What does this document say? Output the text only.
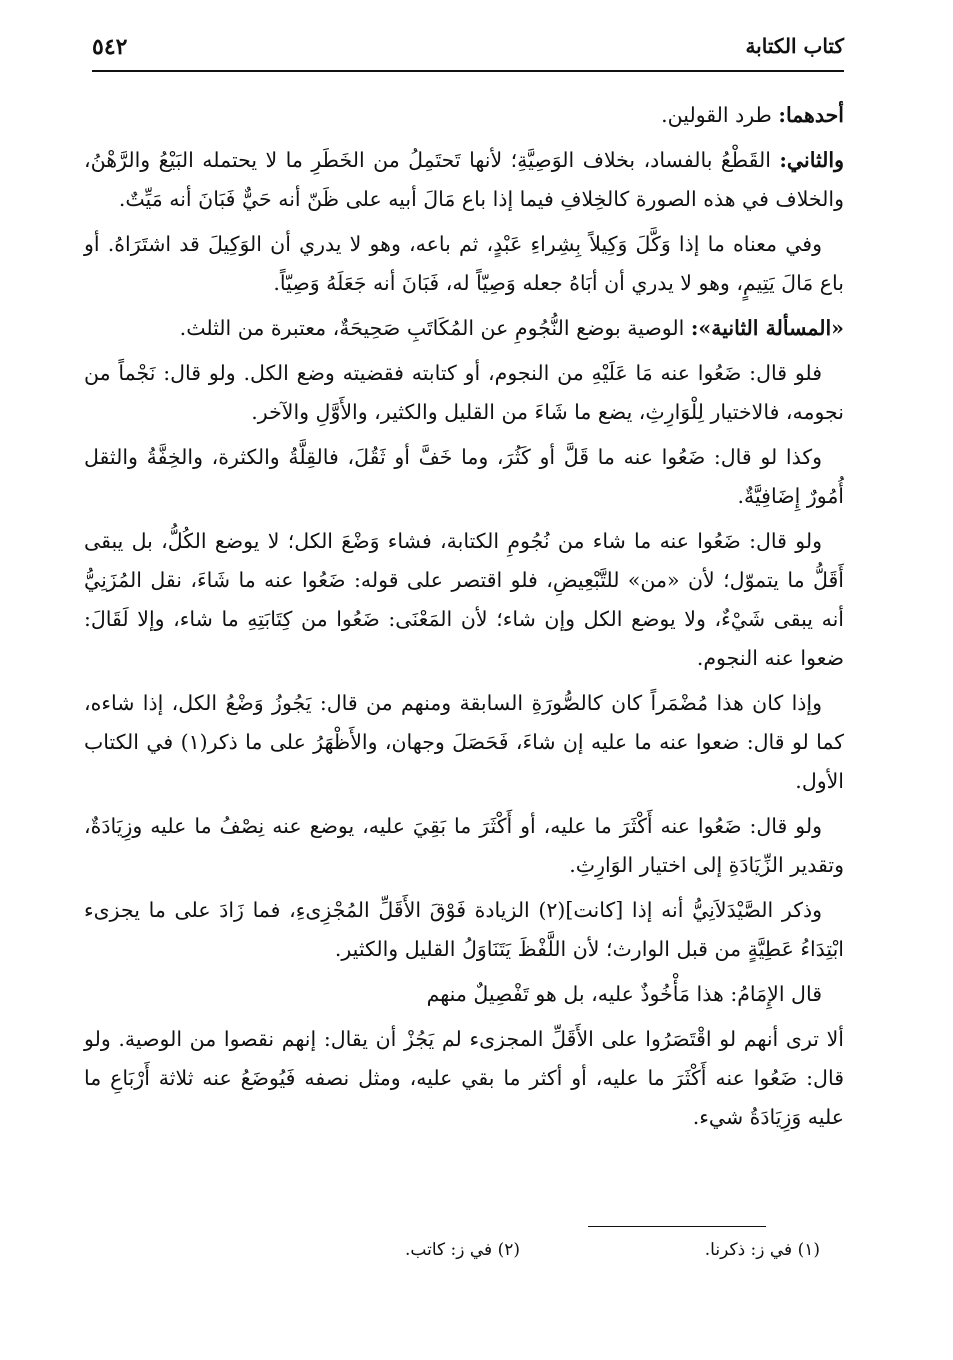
كتاب الكتابة
٥٤٢

أحدهما: طرد القولين.

والثاني: القَطْعُ بالفساد، بخلاف الوَصِيَّةِ؛ لأنها تَحتَمِلُ من الخَطَرِ ما لا يحتمله البَيْعُ والرَّهْنُ، والخلاف في هذه الصورة كالخِلافِ فيما إذا باع مَالَ أبيه على ظَنّ أنه حَيٌّ فَبَانَ أنه مَيِّتٌ.

وفي معناه ما إذا وَكَّلَ وَكِيلاً بِشِراءِ عَبْدٍ، ثم باعه، وهو لا يدري أن الوَكِيلَ قد اشتَرَاهُ. أو باع مَالَ يَتِيمٍ، وهو لا يدري أن أبَاهُ جعله وَصِيّاً له، فَبَانَ أنه جَعَلَهُ وَصِيّاً.

«المسألة الثانية»: الوصية بوضع النُّجُومِ عن المُكَاتَبِ صَحِيحَةٌ، معتبرة من الثلث.

فلو قال: ضَعُوا عنه مَا عَلَيْهِ من النجوم، أو كتابته فقضيته وضع الكل. ولو قال: نَجْماً من نجومه، فالاختيار لِلْوَارِثِ، يضع ما شَاءَ من القليل والكثير، والأَوَّلِ والآخر.

وكذا لو قال: ضَعُوا عنه ما قَلَّ أو كَثُرَ، وما خَفَّ أو ثَقُلَ، فالقِلَّةُ والكثرة، والخِفَّةُ والثقل أُمُورٌ إِضَافِيَّةٌ.

ولو قال: ضَعُوا عنه ما شاء من نُجُومِ الكتابة، فشاء وَضْعَ الكل؛ لا يوضع الكُلُّ، بل يبقى أَقَلُّ ما يتموّل؛ لأن «من» للتَّبْعِيضِ، فلو اقتصر على قوله: ضَعُوا عنه ما شَاءَ، نقل المُزَنِيُّ أنه يبقى شَيْءٌ، ولا يوضع الكل وإن شاء؛ لأن المَعْنَى: ضَعُوا من كِتَابَتِهِ ما شاء، وإلا لَقَالَ: ضعوا عنه النجوم.

وإذا كان هذا مُضْمَراً كان كالصُّورَةِ السابقة ومنهم من قال: يَجُوزُ وَضْعُ الكل، إذا شاءه، كما لو قال: ضعوا عنه ما عليه إن شاءَ، فَحَصَلَ وجهان، والأَظْهَرُ على ما ذكر(١) في الكتاب الأول.

ولو قال: ضَعُوا عنه أَكْثَرَ ما عليه، أو أَكْثَرَ ما بَقِيَ عليه، يوضع عنه نِصْفُ ما عليه وزِيَادَةٌ، وتقدير الزِّيَادَةِ إلى اختيار الوَارِثِ.

وذكر الصَّيْدَلاَنِيُّ أنه إذا [كانت](٢) الزيادة فَوْقَ الأَقَلِّ المُجْزِىءِ، فما زَادَ على ما يجزىء ابْتِدَاءُ عَطِيَّةٍ من قبل الوارث؛ لأن اللَّفْظَ يَتَنَاوَلُ القليل والكثير.

قال الإِمَامُ: هذا مَأْخُوذٌ عليه، بل هو تَفْصِيلٌ منهم

ألا ترى أنهم لو اقْتَصَرُوا على الأَقَلِّ المجزىء لم يَجُزْ أن يقال: إنهم نقصوا من الوصية. ولو قال: ضَعُوا عنه أَكْثَرَ ما عليه، أو أكثر ما بقي عليه، ومثل نصفه فَيُوضَعُ عنه ثلاثة أَرْبَاعِ ما عليه وَزِيَادَةُ شيء.

(١) في ز: ذكرنا.
(٢) في ز: كاتب.
